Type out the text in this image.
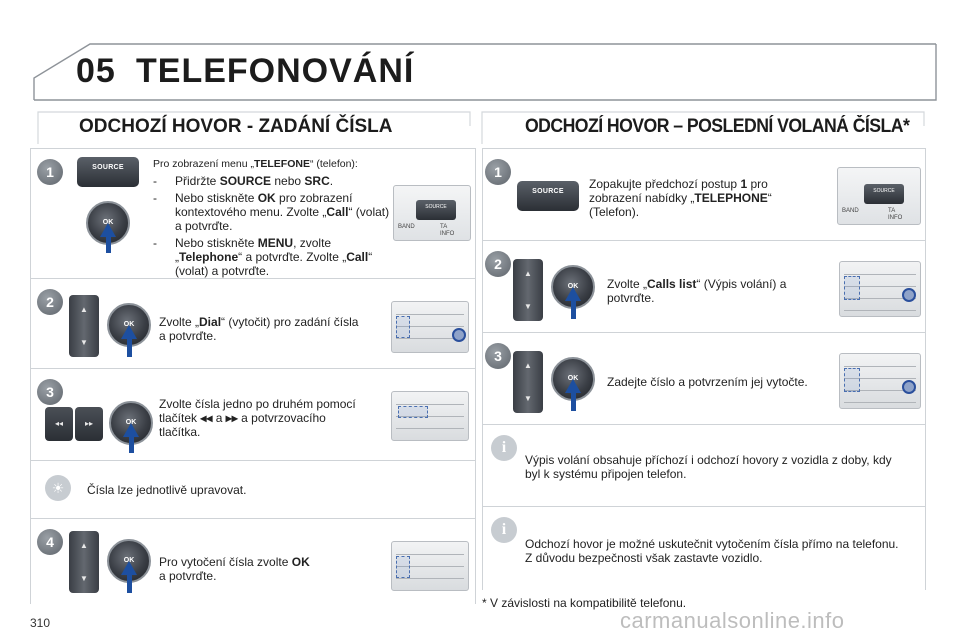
05 TELEFONOVÁNÍ
ODCHOZÍ HOVOR - ZADÁNÍ ČÍSLA	ODCHOZÍ HOVOR – POSLEDNÍ VOLANÁ ČÍSLA*
1	SOURCE
OK
Pro zobrazení menu „TELEFONE“ (telefon):
- Přidržte SOURCE nebo SRC.
- Nebo stiskněte OK pro zobrazení kontextového menu. Zvolte „Call“ (volat) a potvrďte.
- Nebo stiskněte MENU, zvolte „Telephone“ a potvrďte. Zvolte „Call“ (volat) a potvrďte.
BAND
SOURCE
TA
INFO
2	▲
▼
OK	Zvolte „Dial“ (vytočit) pro zadání čísla a potvrďte.
3
◂◂	▸▸	OK
Zvolte čísla jedno po druhém pomocí tlačítek ◂◂ a ▸▸ a potvrzovacího tlačítka.
☀	Čísla lze jednotlivě upravovat.
4	▲
▼
OK	Pro vytočení čísla zvolte OK
a potvrďte.
1
SOURCE
Zopakujte předchozí postup 1 pro zobrazení nabídky „TELEPHONE“ (Telefon).	BAND
SOURCE
TA
INFO
2
▲
▼
OK	Zvolte „Calls list“ (Výpis volání) a potvrďte.
3
▲
▼
OK	Zadejte číslo a potvrzením jej vytočte.
i
Výpis volání obsahuje příchozí i odchozí hovory z vozidla z doby, kdy byl k systému připojen telefon.
i
Odchozí hovor je možné uskutečnit vytočením čísla přímo na telefonu. Z důvodu bezpečnosti však zastavte vozidlo.
* V závislosti na kompatibilitě telefonu.
310	carmanualsonline.info
